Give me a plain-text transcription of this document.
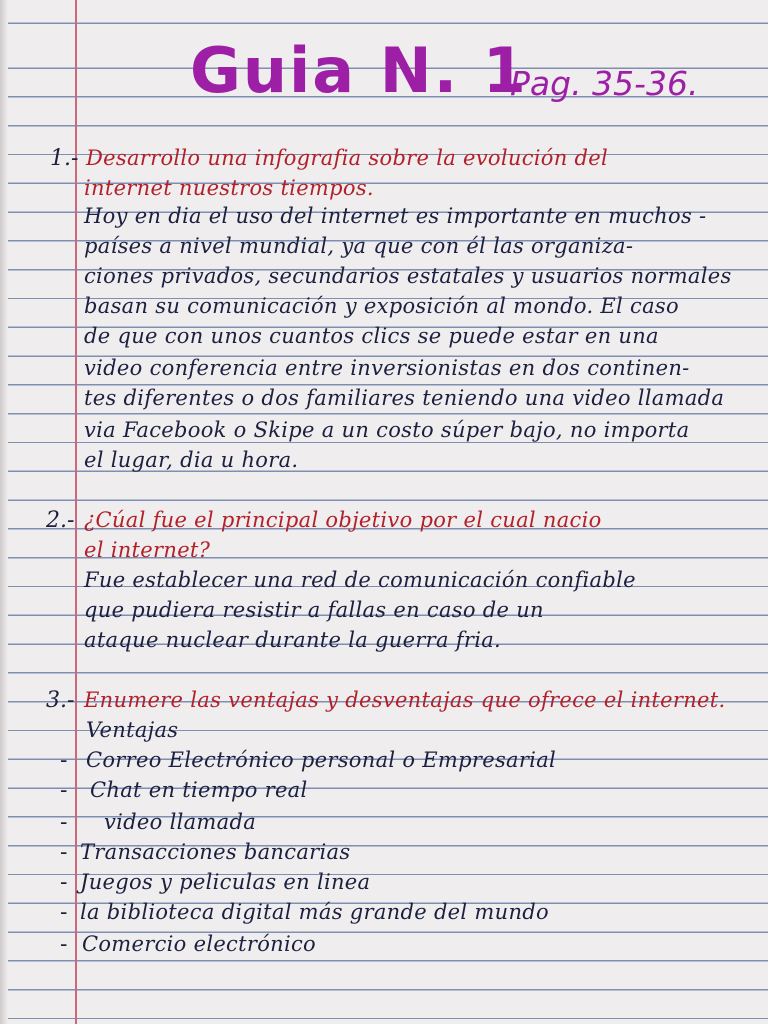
Guia N. 1
Pag. 35-36.
1.- Desarrollo una infografia sobre la evolución del
internet nuestros tiempos.
Hoy en dia el uso del internet es importante en muchos -
países a nivel mundial, ya que con él las organiza-
ciones privados, secundarios estatales y usuarios normales
basan su comunicación y exposición al mondo. El caso
de que con unos cuantos clics se puede estar en una
video conferencia entre inversionistas en dos continen-
tes diferentes o dos familiares teniendo una video llamada
via Facebook o Skipe a un costo súper bajo, no importa
el lugar, dia u hora.
2.- ¿Cúal fue el principal objetivo por el cual nacio
el internet?
Fue establecer una red de comunicación confiable
que pudiera resistir a fallas en caso de un
ataque nuclear durante la guerra fria.
3.- Enumere las ventajas y desventajas que ofrece el internet.
Ventajas
- Correo Electrónico personal o Empresarial
- Chat en tiempo real
- video llamada
- Transacciones bancarias
- Juegos y peliculas en linea
- la biblioteca digital más grande del mundo
- Comercio electrónico
